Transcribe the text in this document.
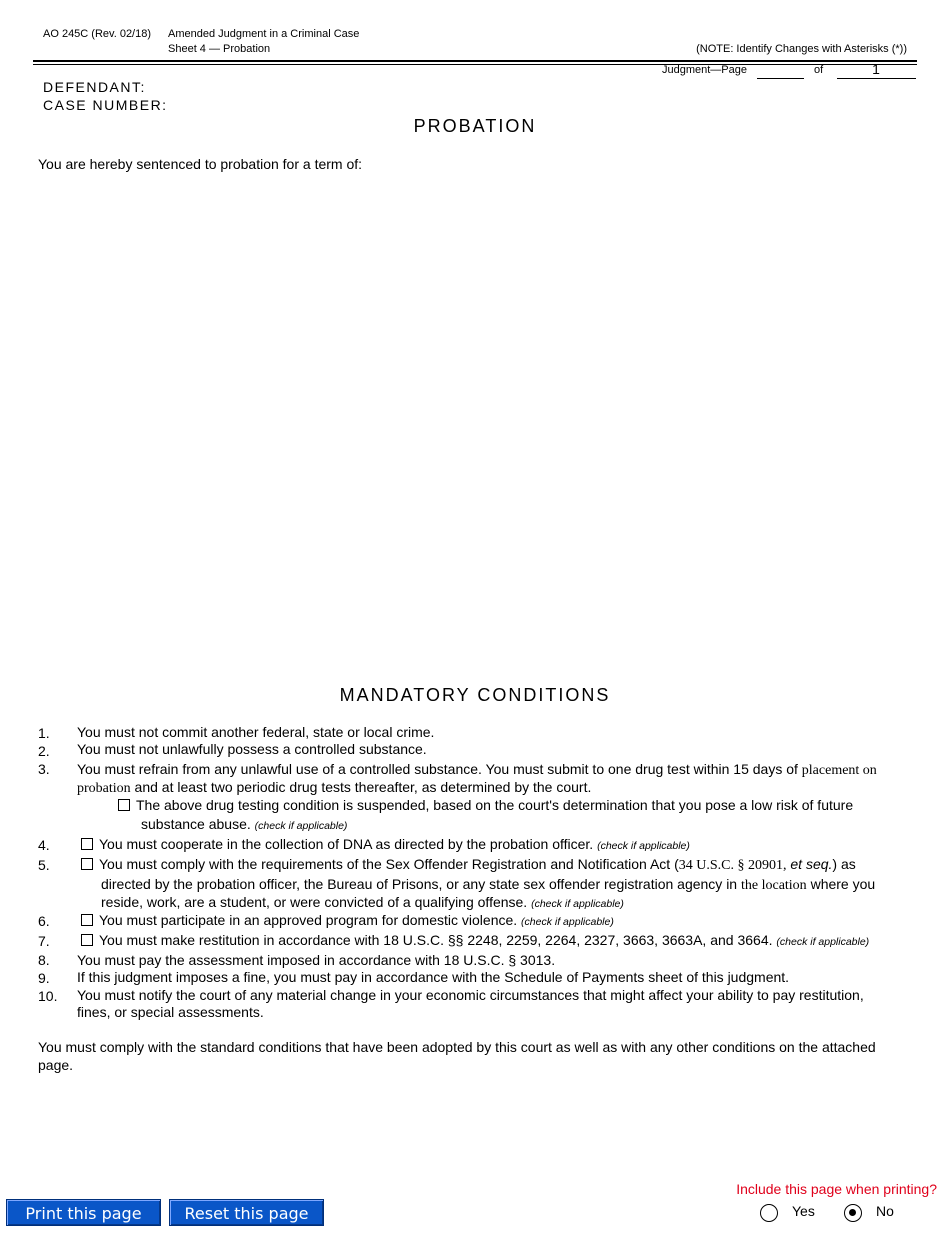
AO 245C (Rev. 02/18) Amended Judgment in a Criminal Case
Sheet 4 — Probation	(NOTE: Identify Changes with Asterisks (*))
Judgment—Page	of	1
DEFENDANT:
CASE NUMBER:
PROBATION
You are hereby sentenced to probation for a term of:
MANDATORY CONDITIONS
1. You must not commit another federal, state or local crime.
2. You must not unlawfully possess a controlled substance.
3. You must refrain from any unlawful use of a controlled substance. You must submit to one drug test within 15 days of placement on
probation and at least two periodic drug tests thereafter, as determined by the court.
The above drug testing condition is suspended, based on the court's determination that you pose a low risk of future
substance abuse. (check if applicable)
4.	You must cooperate in the collection of DNA as directed by the probation officer. (check if applicable)
5.	You must comply with the requirements of the Sex Offender Registration and Notification Act (34 U.S.C. § 20901, et seq.) as
directed by the probation officer, the Bureau of Prisons, or any state sex offender registration agency in the location where you
reside, work, are a student, or were convicted of a qualifying offense. (check if applicable)
6.	You must participate in an approved program for domestic violence. (check if applicable)
7.	You must make restitution in accordance with 18 U.S.C. §§ 2248, 2259, 2264, 2327, 3663, 3663A, and 3664. (check if applicable)
8. You must pay the assessment imposed in accordance with 18 U.S.C. § 3013.
9. If this judgment imposes a fine, you must pay in accordance with the Schedule of Payments sheet of this judgment.
10. You must notify the court of any material change in your economic circumstances that might affect your ability to pay restitution,
fines, or special assessments.
You must comply with the standard conditions that have been adopted by this court as well as with any other conditions on the attached
page.
Print this page now
Reset this page
Include this page when printing?
Yes	No
